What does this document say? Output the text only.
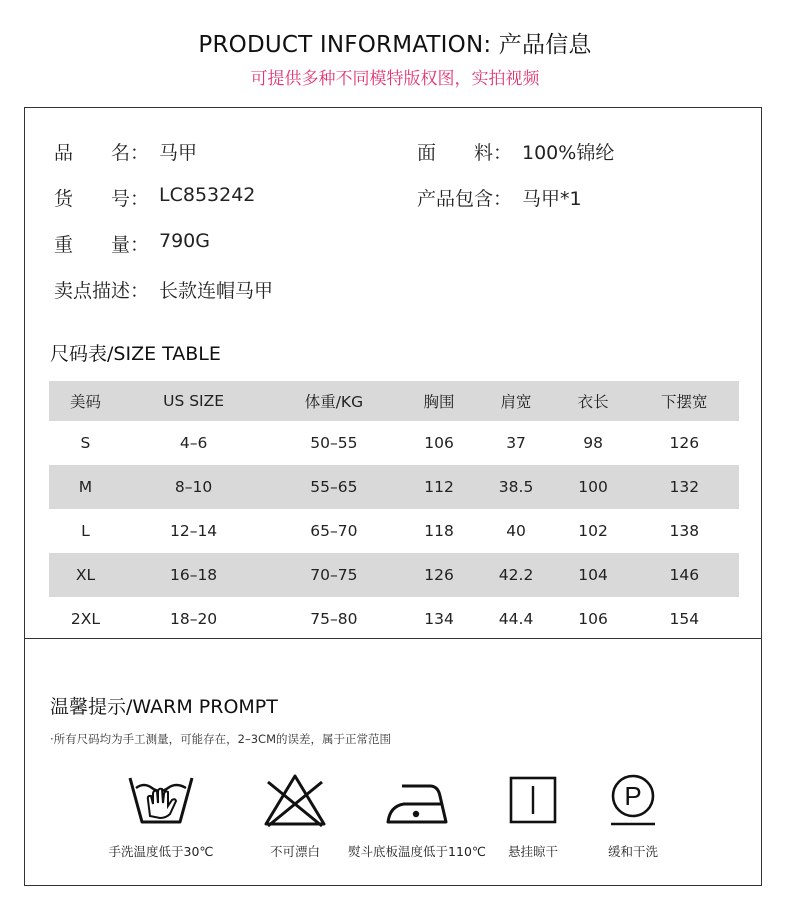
PRODUCT INFORMATION: 产品信息
可提供多种不同模特版权图，实拍视频
品　　名： 马甲	面　　料： 100%锦纶
货　　号： LC853242	产品包含： 马甲*1
重　　量： 790G
卖点描述： 长款连帽马甲
尺码表/SIZE TABLE
美码	US SIZE	体重/KG	胸围	肩宽	衣长	下摆宽
S	4–6	50–55	106	37	98	126
M	8–10	55–65	112	38.5	100	132
L	12–14	65–70	118	40	102	138
XL	16–18	70–75	126	42.2	104	146
2XL	18–20	75–80	134	44.4	106	154
温馨提示/WARM PROMPT
·所有尺码均为手工测量，可能存在，2–3CM的误差，属于正常范围
手洗温度低于30℃	不可漂白	熨斗底板温度低于110℃	悬挂晾干
P
缓和干洗
